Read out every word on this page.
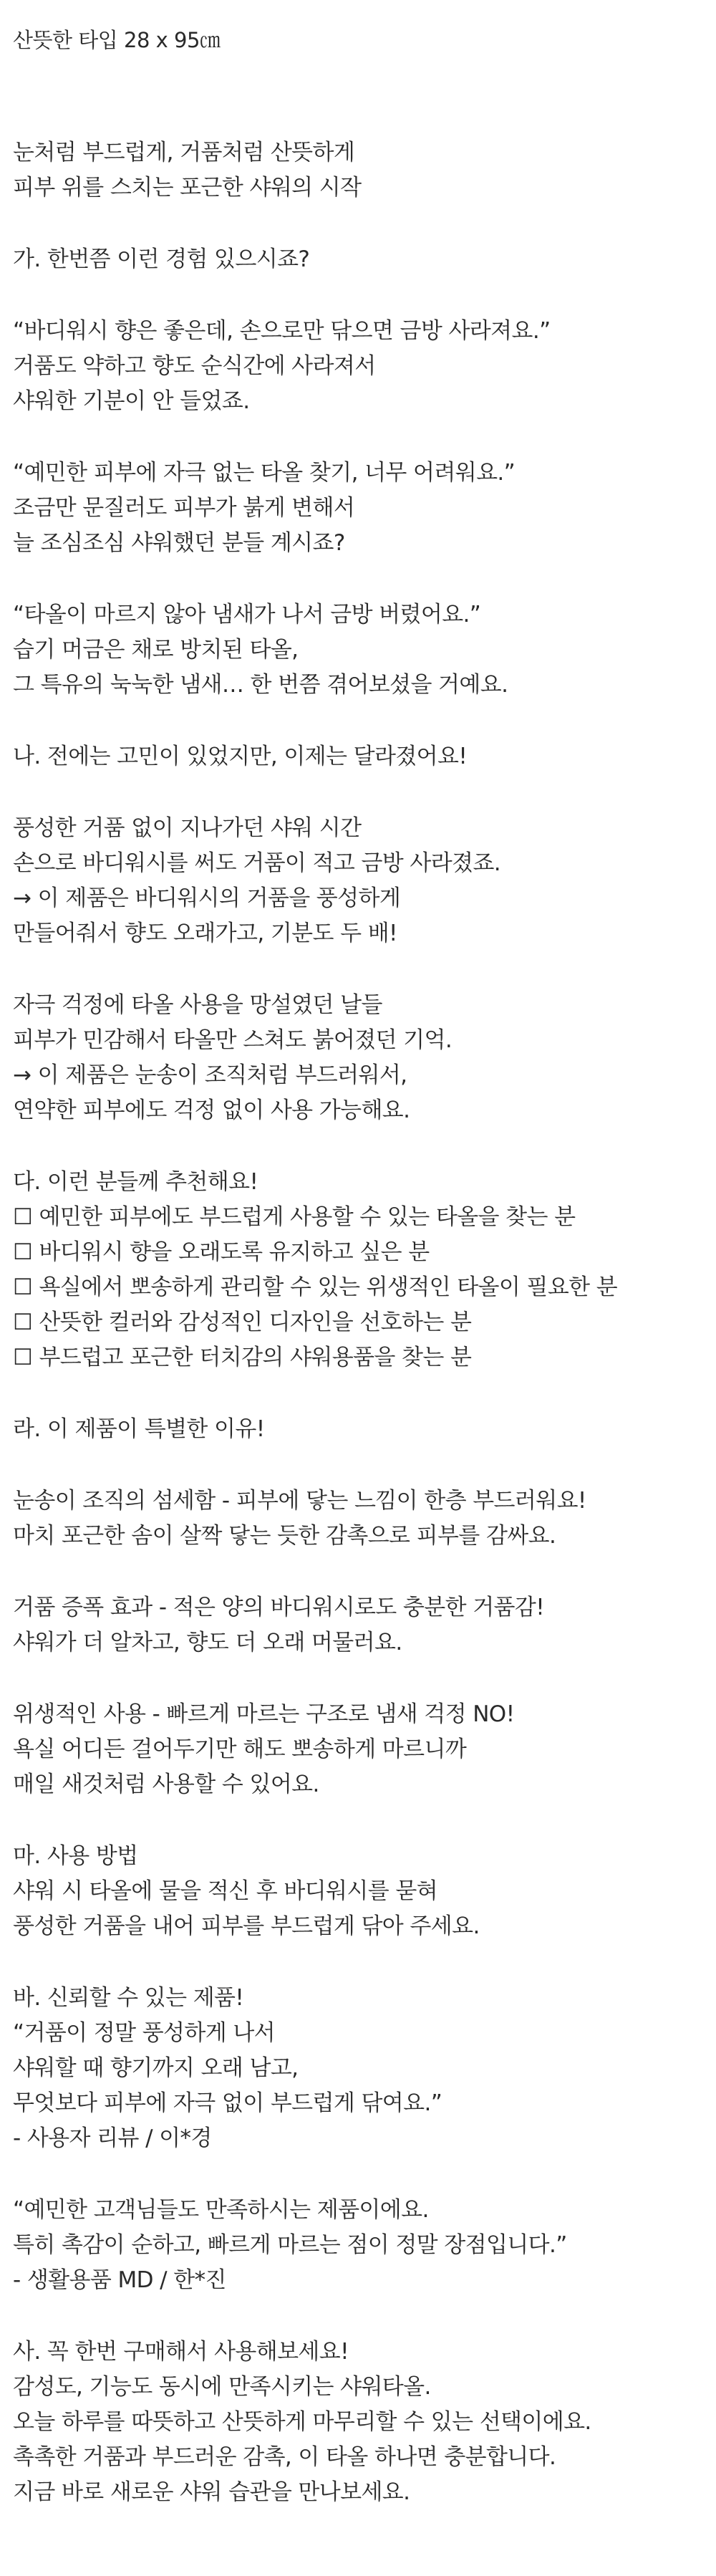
산뜻한 타입 28 x 95㎝
눈처럼 부드럽게, 거품처럼 산뜻하게
피부 위를 스치는 포근한 샤워의 시작
가. 한번쯤 이런 경험 있으시죠?
“바디워시 향은 좋은데, 손으로만 닦으면 금방 사라져요.”
거품도 약하고 향도 순식간에 사라져서
샤워한 기분이 안 들었죠.
“예민한 피부에 자극 없는 타올 찾기, 너무 어려워요.”
조금만 문질러도 피부가 붉게 변해서
늘 조심조심 샤워했던 분들 계시죠?
“타올이 마르지 않아 냄새가 나서 금방 버렸어요.”
습기 머금은 채로 방치된 타올,
그 특유의 눅눅한 냄새… 한 번쯤 겪어보셨을 거예요.
나. 전에는 고민이 있었지만, 이제는 달라졌어요!
풍성한 거품 없이 지나가던 샤워 시간
손으로 바디워시를 써도 거품이 적고 금방 사라졌죠.
→ 이 제품은 바디워시의 거품을 풍성하게
만들어줘서 향도 오래가고, 기분도 두 배!
자극 걱정에 타올 사용을 망설였던 날들
피부가 민감해서 타올만 스쳐도 붉어졌던 기억.
→ 이 제품은 눈송이 조직처럼 부드러워서,
연약한 피부에도 걱정 없이 사용 가능해요.
다. 이런 분들께 추천해요!
☐ 예민한 피부에도 부드럽게 사용할 수 있는 타올을 찾는 분
☐ 바디워시 향을 오래도록 유지하고 싶은 분
☐ 욕실에서 뽀송하게 관리할 수 있는 위생적인 타올이 필요한 분
☐ 산뜻한 컬러와 감성적인 디자인을 선호하는 분
☐ 부드럽고 포근한 터치감의 샤워용품을 찾는 분
라. 이 제품이 특별한 이유!
눈송이 조직의 섬세함 - 피부에 닿는 느낌이 한층 부드러워요!
마치 포근한 솜이 살짝 닿는 듯한 감촉으로 피부를 감싸요.
거품 증폭 효과 - 적은 양의 바디워시로도 충분한 거품감!
샤워가 더 알차고, 향도 더 오래 머물러요.
위생적인 사용 - 빠르게 마르는 구조로 냄새 걱정 NO!
욕실 어디든 걸어두기만 해도 뽀송하게 마르니까
매일 새것처럼 사용할 수 있어요.
마. 사용 방법
샤워 시 타올에 물을 적신 후 바디워시를 묻혀
풍성한 거품을 내어 피부를 부드럽게 닦아 주세요.
바. 신뢰할 수 있는 제품!
“거품이 정말 풍성하게 나서
샤워할 때 향기까지 오래 남고,
무엇보다 피부에 자극 없이 부드럽게 닦여요.”
- 사용자 리뷰 / 이*경
“예민한 고객님들도 만족하시는 제품이에요.
특히 촉감이 순하고, 빠르게 마르는 점이 정말 장점입니다.”
- 생활용품 MD / 한*진
사. 꼭 한번 구매해서 사용해보세요!
감성도, 기능도 동시에 만족시키는 샤워타올.
오늘 하루를 따뜻하고 산뜻하게 마무리할 수 있는 선택이에요.
촉촉한 거품과 부드러운 감촉, 이 타올 하나면 충분합니다.
지금 바로 새로운 샤워 습관을 만나보세요.
